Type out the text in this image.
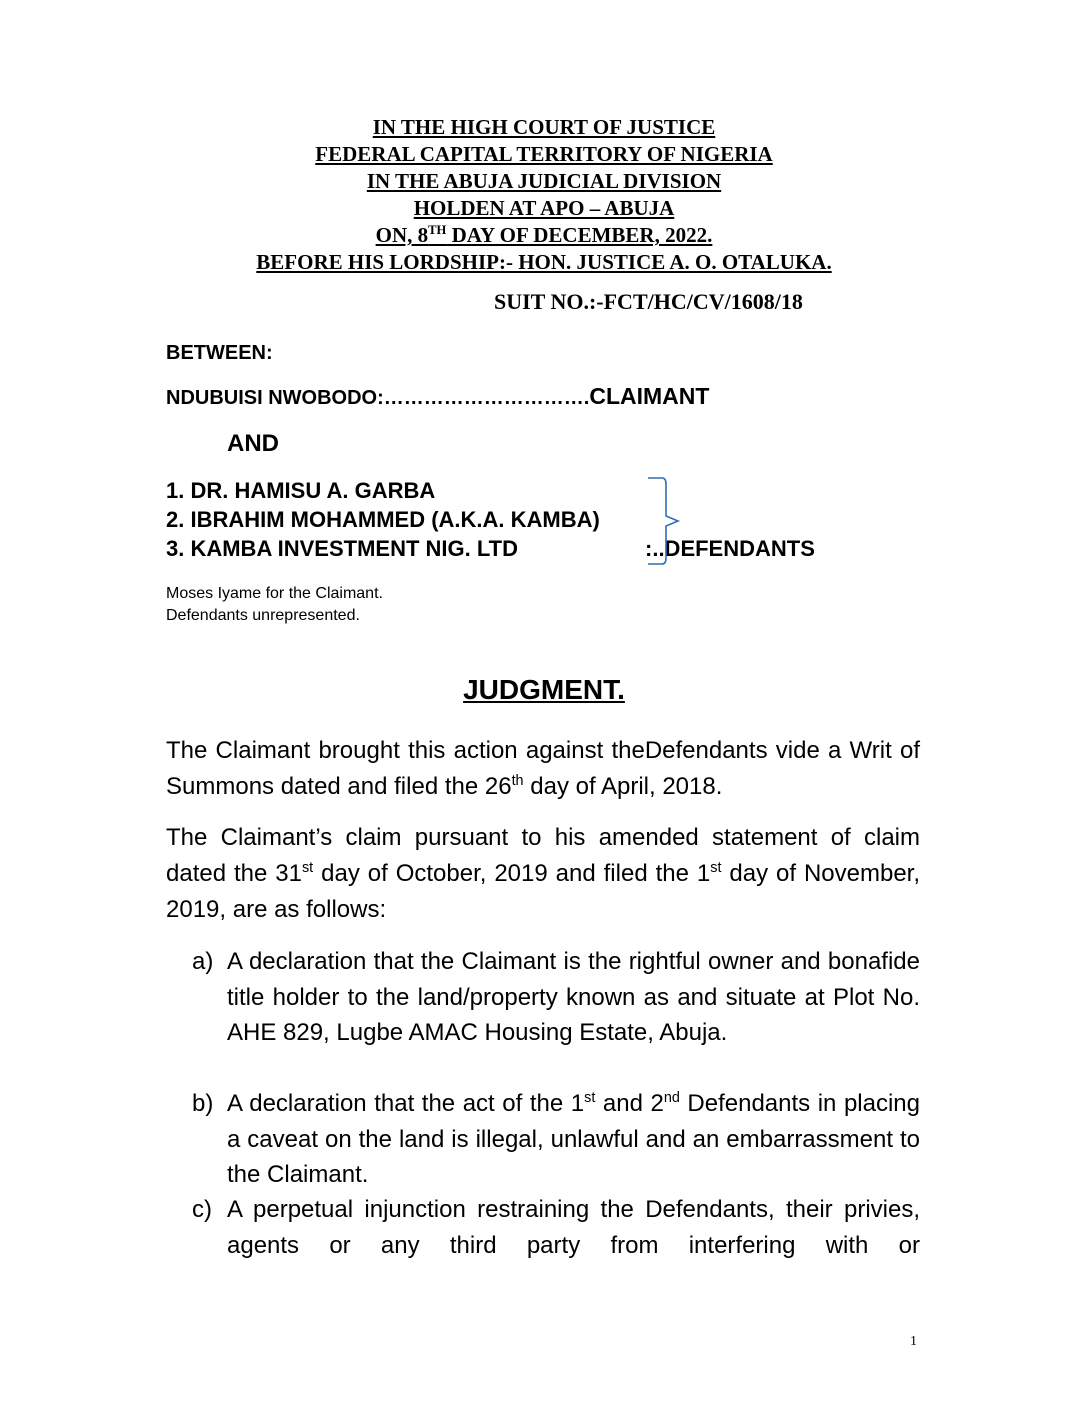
IN THE HIGH COURT OF JUSTICE
FEDERAL CAPITAL TERRITORY OF NIGERIA
IN THE ABUJA JUDICIAL DIVISION
HOLDEN AT APO – ABUJA
ON, 8TH DAY OF DECEMBER, 2022.
BEFORE HIS LORDSHIP:- HON. JUSTICE A. O. OTALUKA.
SUIT NO.:-FCT/HC/CV/1608/18
BETWEEN:
NDUBUISI NWOBODO:………………………….CLAIMANT
AND
1. DR. HAMISU A. GARBA
2. IBRAHIM MOHAMMED (A.K.A. KAMBA)
3. KAMBA INVESTMENT NIG. LTD	:..DEFENDANTS
Moses Iyame for the Claimant.
Defendants unrepresented.
JUDGMENT.
The Claimant brought this action against theDefendants vide a Writ of Summons dated and filed the 26th day of April, 2018.
The Claimant’s claim pursuant to his amended statement of claim dated the 31st day of October, 2019 and filed the 1st day of November, 2019, are as follows:
a) A declaration that the Claimant is the rightful owner and bonafide title holder to the land/property known as and situate at Plot No. AHE 829, Lugbe AMAC Housing Estate, Abuja.
b) A declaration that the act of the 1st and 2nd Defendants in placing a caveat on the land is illegal, unlawful and an embarrassment to the Claimant.
c) A perpetual injunction restraining the Defendants, their privies, agents or any third party from interfering with or
1
